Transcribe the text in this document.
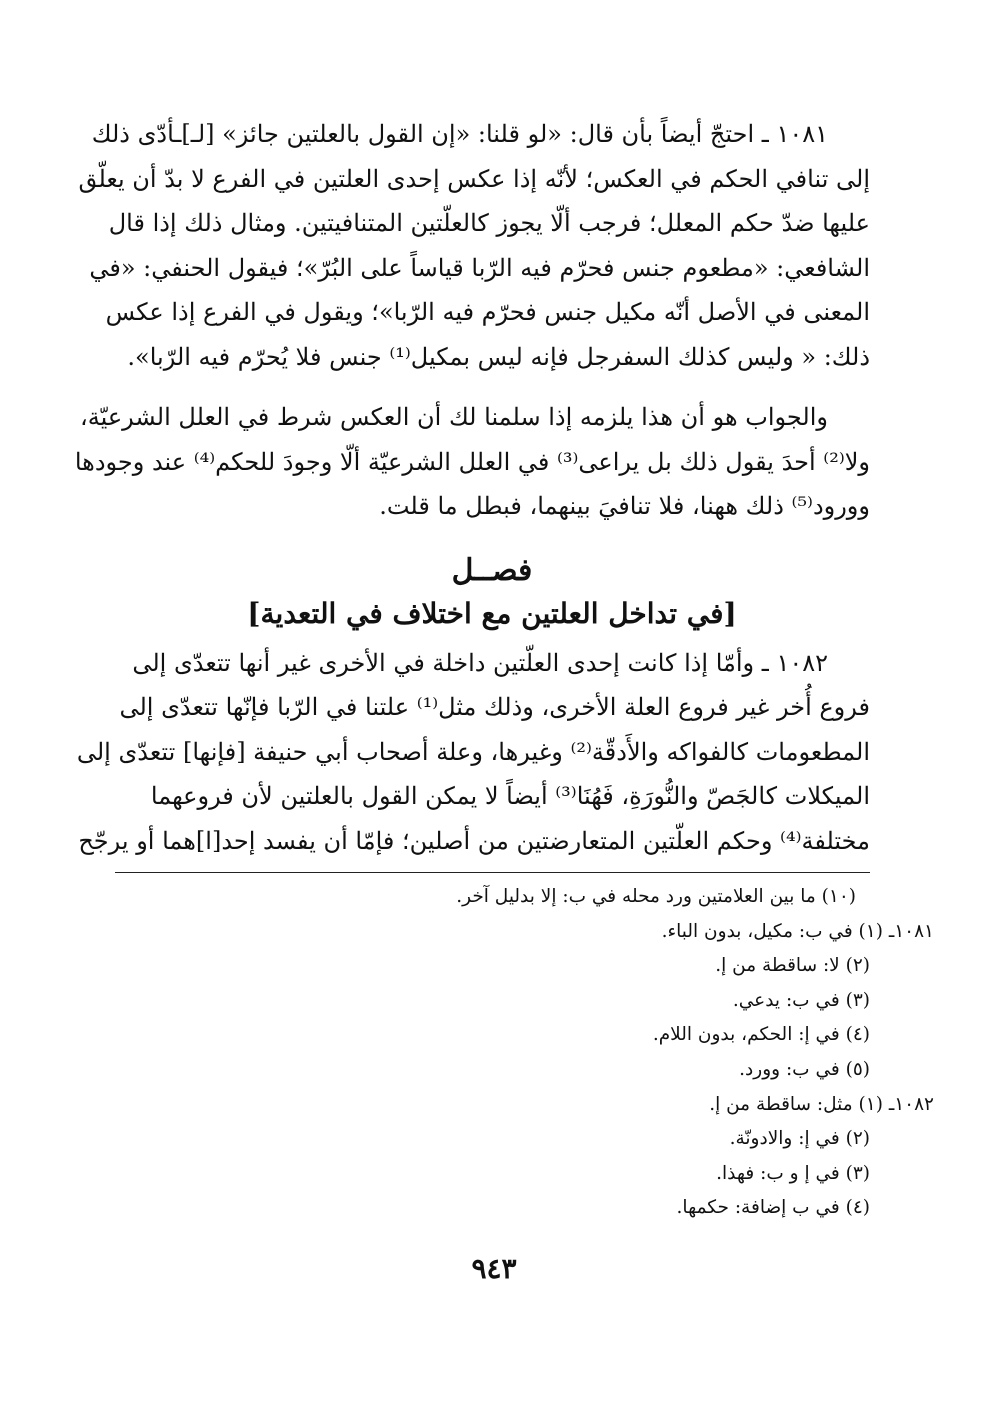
١٠٨١ ـ احتجّ أيضاً بأن قال: «لو قلنا: «إن القول بالعلتين جائز» [لـ]ـأدّى ذلك
إلى تنافي الحكم في العكس؛ لأنّه إذا عكس إحدى العلتين في الفرع لا بدّ أن يعلّق
عليها ضدّ حكم المعلل؛ فرجب ألّا يجوز كالعلّتين المتنافيتين. ومثال ذلك إذا قال
الشافعي: «مطعوم جنس فحرّم فيه الرّبا قياساً على البُرّ»؛ فيقول الحنفي: «في
المعنى في الأصل أنّه مكيل جنس فحرّم فيه الرّبا»؛ ويقول في الفرع إذا عكس
ذلك: « وليس كذلك السفرجل فإنه ليس بمكيل⁽¹⁾ جنس فلا يُحرّم فيه الرّبا».

والجواب هو أن هذا يلزمه إذا سلمنا لك أن العكس شرط في العلل الشرعيّة،
ولا⁽²⁾ أحدَ يقول ذلك بل يراعى⁽³⁾ في العلل الشرعيّة ألّا وجودَ للحكم⁽⁴⁾ عند وجودها
وورود⁽⁵⁾ ذلك ههنا، فلا تنافيَ بينهما، فبطل ما قلت.

فصــل
[في تداخل العلتين مع اختلاف في التعدية]

١٠٨٢ ـ وأمّا إذا كانت إحدى العلّتين داخلة في الأخرى غير أنها تتعدّى إلى
فروع أُخر غير فروع العلة الأخرى، وذلك مثل⁽¹⁾ علتنا في الرّبا فإنّها تتعدّى إلى
المطعومات كالفواكه والأَدقّة⁽²⁾ وغيرها، وعلة أصحاب أبي حنيفة [فإنها] تتعدّى إلى
الميكلات كالجَصّ والنُّورَةِ، فَهُنَا⁽³⁾ أيضاً لا يمكن القول بالعلتين لأن فروعهما
مختلفة⁽⁴⁾ وحكم العلّتين المتعارضتين من أصلين؛ فإمّا أن يفسد إحد[ا]هما أو يرجّح

(١٠) ما بين العلامتين ورد محله في ب: إلا بدليل آخر.
١٠٨١ـ (١) في ب: مكيل، بدون الباء.
(٢) لا: ساقطة من إ.
(٣) في ب: يدعي.
(٤) في إ: الحكم، بدون اللام.
(٥) في ب: وورد.
١٠٨٢ـ (١) مثل: ساقطة من إ.
(٢) في إ: والادونّة.
(٣) في إ و ب: فهذا.
(٤) في ب إضافة: حكمها.
٩٤٣
